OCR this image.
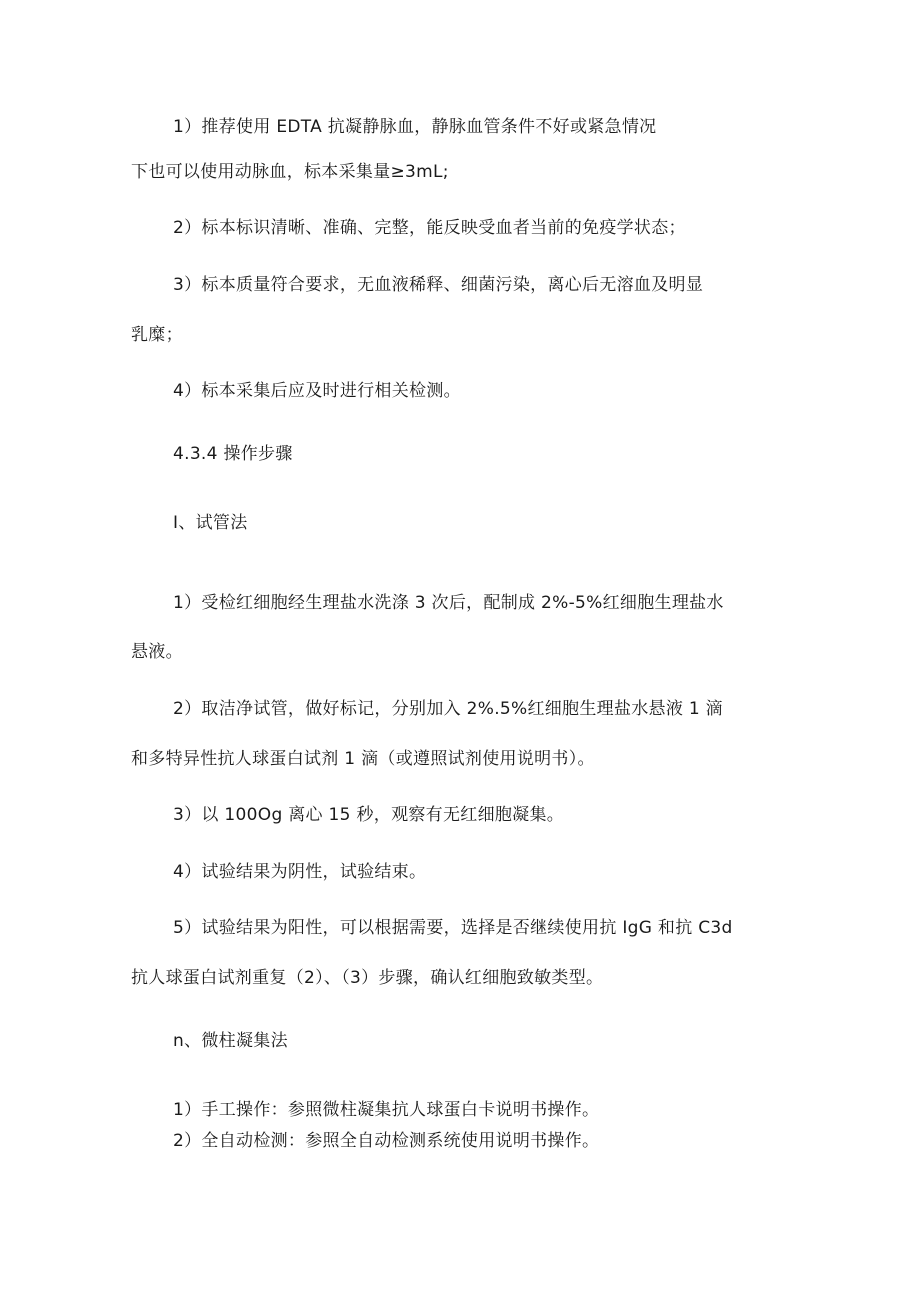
1）推荐使用 EDTA 抗凝静脉血，静脉血管条件不好或紧急情况
下也可以使用动脉血，标本采集量≥3mL;
2）标本标识清晰、准确、完整，能反映受血者当前的免疫学状态；
3）标本质量符合要求，无血液稀释、细菌污染，离心后无溶血及明显
乳糜；
4）标本采集后应及时进行相关检测。
4.3.4 操作步骤
I、试管法
1）受检红细胞经生理盐水洗涤 3 次后，配制成 2%-5%红细胞生理盐水
悬液。
2）取洁净试管，做好标记，分别加入 2%.5%红细胞生理盐水悬液 1 滴
和多特异性抗人球蛋白试剂 1 滴（或遵照试剂使用说明书）。
3）以 100Og 离心 15 秒，观察有无红细胞凝集。
4）试验结果为阴性，试验结束。
5）试验结果为阳性，可以根据需要，选择是否继续使用抗 IgG 和抗 C3d
抗人球蛋白试剂重复（2）、（3）步骤，确认红细胞致敏类型。
n、微柱凝集法
1）手工操作：参照微柱凝集抗人球蛋白卡说明书操作。
2）全自动检测：参照全自动检测系统使用说明书操作。
